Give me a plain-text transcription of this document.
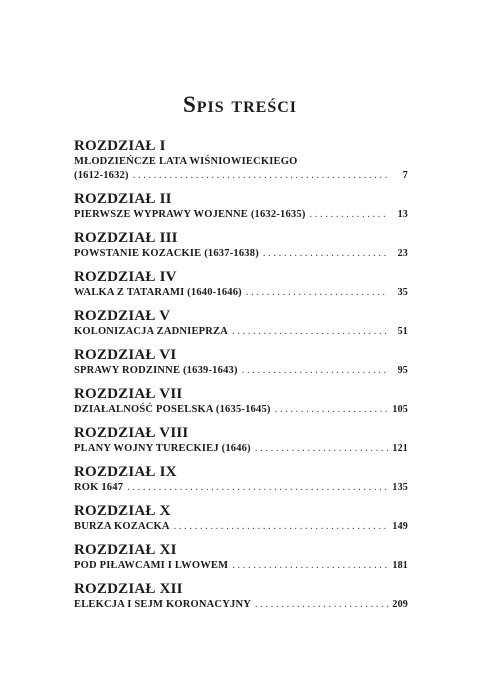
Spis treści
ROZDZIAŁ I
MŁODZIEŃCZE LATA WIŚNIOWIECKIEGO
(1612-1632) . . .	7
ROZDZIAŁ II
PIERWSZE WYPRAWY WOJENNE (1632-1635) . . .	13
ROZDZIAŁ III
POWSTANIE KOZACKIE (1637-1638) . . .	23
ROZDZIAŁ IV
WALKA Z TATARAMI (1640-1646) . . .	35
ROZDZIAŁ V
KOLONIZACJA ZADNIEPRZA . . .	51
ROZDZIAŁ VI
SPRAWY RODZINNE (1639-1643) . . .	95
ROZDZIAŁ VII
DZIAŁALNOŚĆ POSELSKA (1635-1645) . . .	105
ROZDZIAŁ VIII
PLANY WOJNY TURECKIEJ (1646) . . .	121
ROZDZIAŁ IX
ROK 1647 . . .	135
ROZDZIAŁ X
BURZA KOZACKA . . .	149
ROZDZIAŁ XI
POD PIŁAWCAMI I LWOWEM . . .	181
ROZDZIAŁ XII
ELEKCJA I SEJM KORONACYJNY . . .	209
